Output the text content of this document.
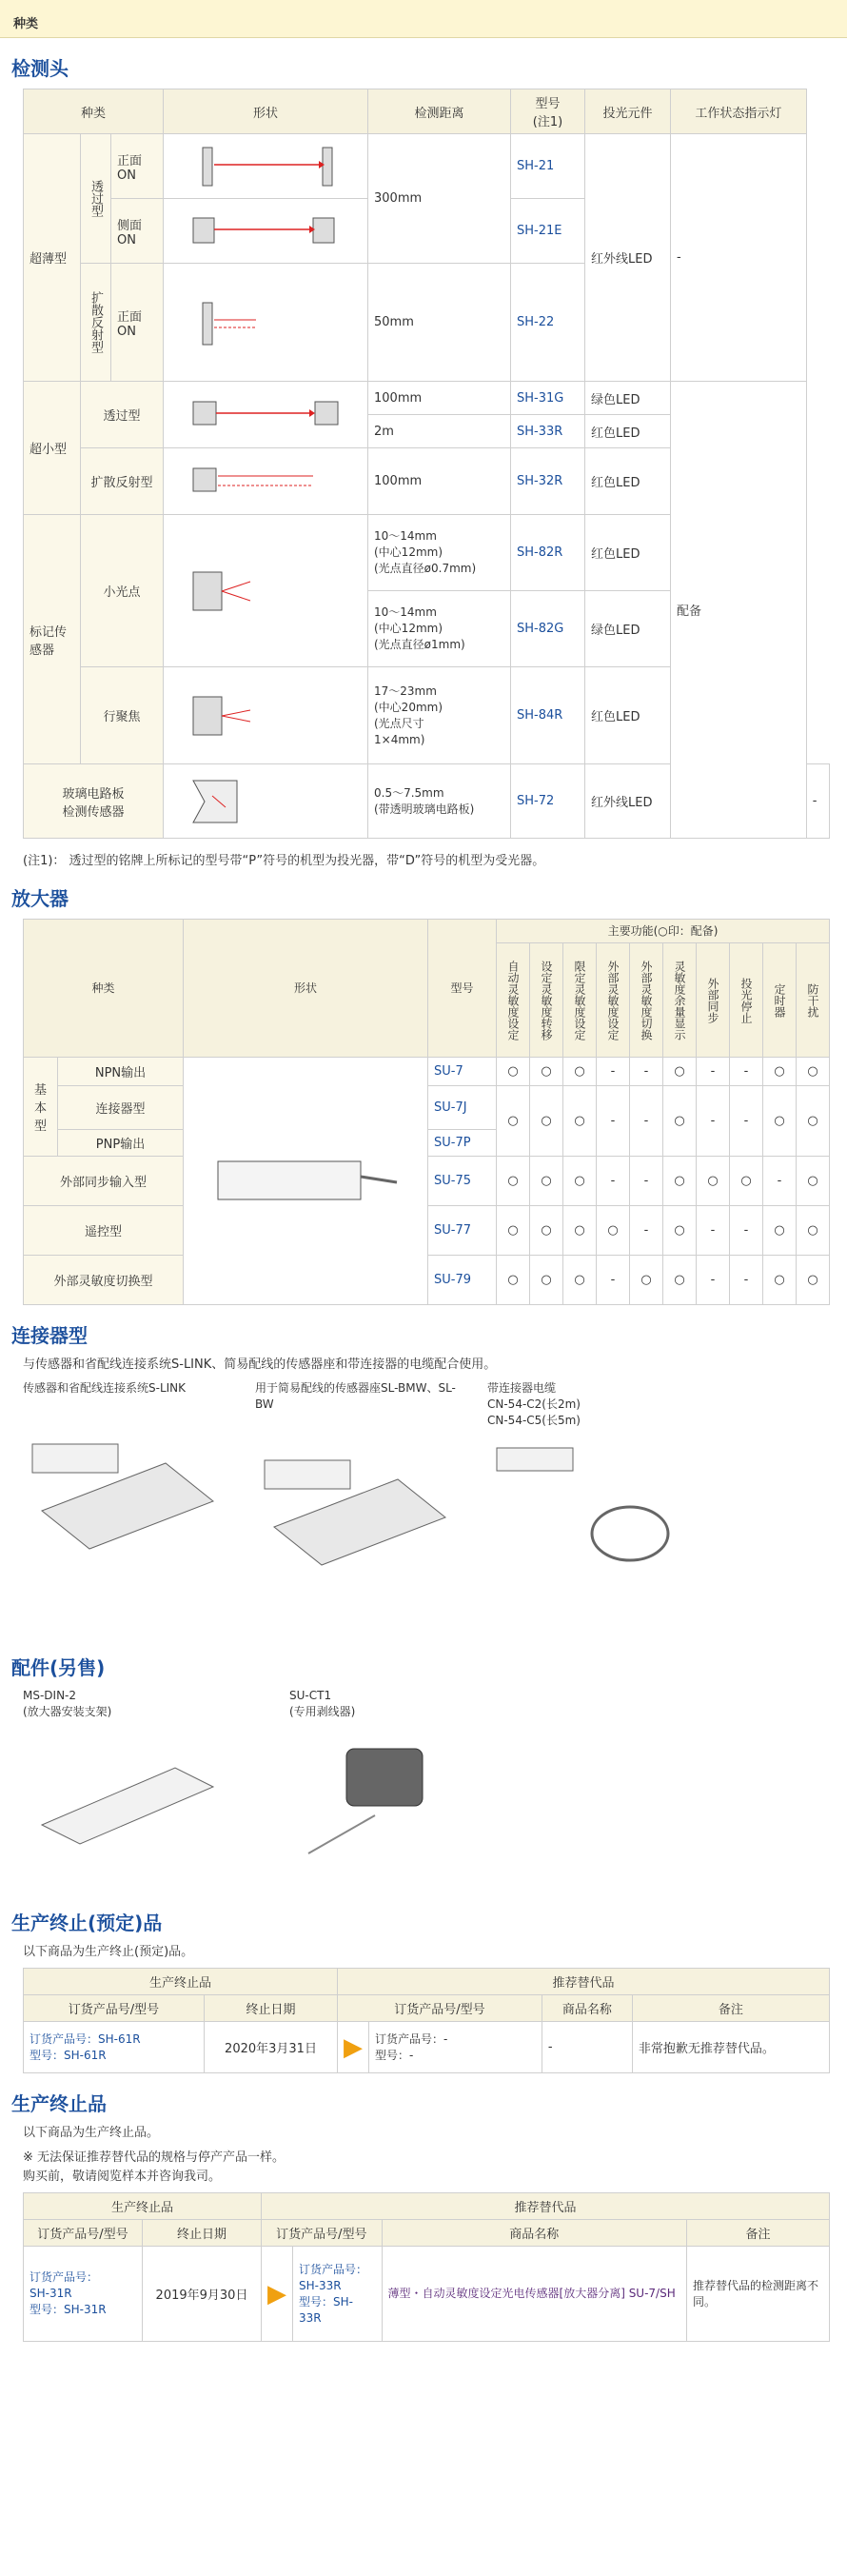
种类
检测头
种类			形状	检测距离	型号
(注1)	投光元件	工作状态指示灯	
超薄型	透过型	正面ON		300mm	SH-21	红外线LED	-	
		侧面ON			SH-21E			
	扩散反射型	正面ON		50mm	SH-22			
超小型	透过型			100mm	SH-31G	绿色LED	配备	
				2m	SH-33R	红色LED		
	扩散反射型			100mm	SH-32R	红色LED		
标记传感器	小光点			10～14mm
(中心12mm)
(光点直径ø0.7mm)	SH-82R	红色LED		
				10～14mm
(中心12mm)
(光点直径ø1mm)	SH-82G	绿色LED		
	行聚焦			17～23mm
(中心20mm)
(光点尺寸
1×4mm)	SH-84R	红色LED		
玻璃电路板
检测传感器				0.5～7.5mm
(带透明玻璃电路板)	SH-72	红外线LED		-

(注1)： 透过型的铭牌上所标记的型号带“P”符号的机型为投光器，带“D”符号的机型为受光器。

放大器
种类		形状	型号	主要功能(○印：配备)									
				自动灵敏度设定	设定灵敏度转移	限定灵敏度设定	外部灵敏度设定	外部灵敏度切换	灵敏度余量显示	外部同步	投光停止	定时器	防干扰
基本型	NPN输出		SU-7	○	○	○	-	-	○	-	-	○	○
	连接器型		SU-7J	○	○	○	-	-	○	-	-	○	○
	PNP输出		SU-7P										
外部同步输入型			SU-75	○	○	○	-	-	○	○	○	-	○
遥控型			SU-77	○	○	○	○	-	○	-	-	○	○
外部灵敏度切换型			SU-79	○	○	○	-	○	○	-	-	○	○
连接器型

与传感器和省配线连接系统S-LINK、简易配线的传感器座和带连接器的电缆配合使用。

传感器和省配线连接系统S-LINK	用于简易配线的传感器座SL-BMW、SL-BW

带连接器电缆
CN-54-C2(长2m)
CN-54-C5(长5m)

配件(另售)

MS-DIN-2
(放大器安装支架)

SU-CT1
(专用剥线器)

生产终止(预定)品

以下商品为生产终止(预定)品。

生产终止品		推荐替代品			
订货产品号/型号	终止日期	订货产品号/型号		商品名称	备注
订货产品号：SH-61R
型号：SH-61R	2020年3月31日	▶	订货产品号：-
型号：-	-	非常抱歉无推荐替代品。
生产终止品

以下商品为生产终止品。

※ 无法保证推荐替代品的规格与停产产品一样。
购买前，敬请阅览样本并咨询我司。

生产终止品		推荐替代品			
订货产品号/型号	终止日期	订货产品号/型号		商品名称	备注
订货产品号：
SH-31R
型号：SH-31R	2019年9月30日	▶	订货产品号：
SH-33R
型号：SH-
33R	薄型・自动灵敏度设定光电传感器[放大器分离] SU-7/SH	推荐替代品的检测距离不同。
